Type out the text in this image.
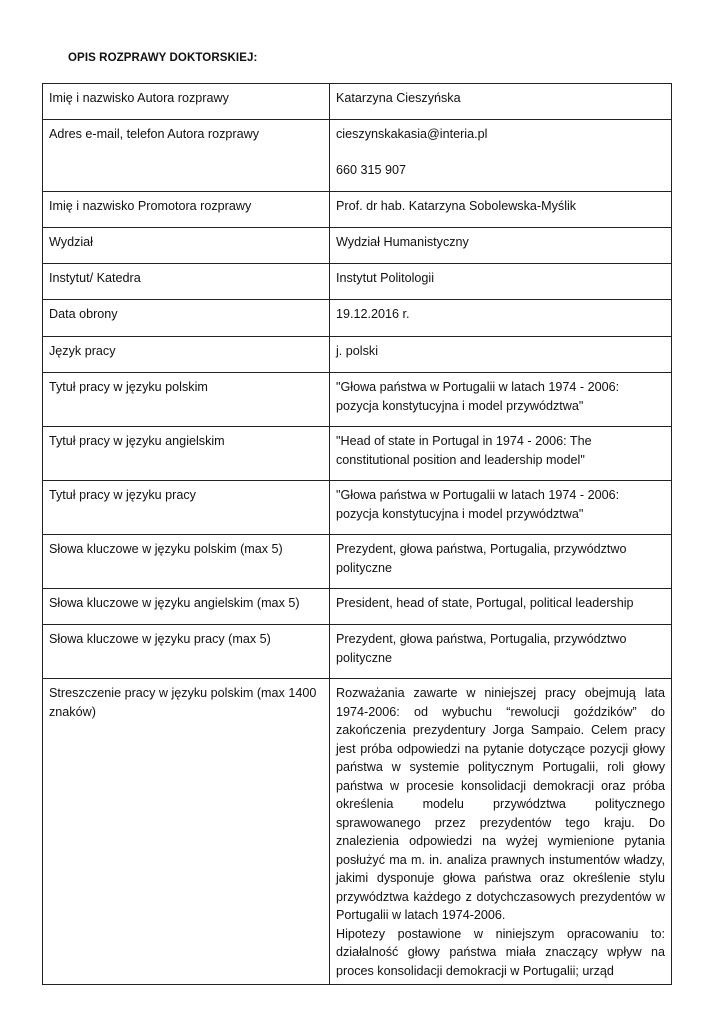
OPIS ROZPRAWY DOKTORSKIEJ:
Imię i nazwisko Autora rozprawy	Katarzyna Cieszyńska
Adres e-mail, telefon Autora rozprawy	cieszynskakasia@interia.pl
660 315 907

Imię i nazwisko Promotora rozprawy	Prof. dr hab. Katarzyna Sobolewska-Myślik
Wydział	Wydział Humanistyczny
Instytut/ Katedra	Instytut Politologii
Data obrony	19.12.2016 r.
Język pracy	j. polski
Tytuł pracy w języku polskim	"Głowa państwa w Portugalii w latach 1974 - 2006: pozycja konstytucyjna i model przywództwa"
Tytuł pracy w języku angielskim	"Head of state in Portugal in 1974 - 2006: The constitutional position and leadership model"
Tytuł pracy w języku pracy	"Głowa państwa w Portugalii w latach 1974 - 2006: pozycja konstytucyjna i model przywództwa"
Słowa kluczowe w języku polskim (max 5)	Prezydent, głowa państwa, Portugalia, przywództwo polityczne
Słowa kluczowe w języku angielskim (max 5)	President, head of state, Portugal, political leadership
Słowa kluczowe w języku pracy (max 5)	Prezydent, głowa państwa, Portugalia, przywództwo polityczne
Streszczenie pracy w języku polskim (max 1400 znaków)	Rozważania zawarte w niniejszej pracy obejmują lata 1974-2006: od wybuchu “rewolucji goździków” do zakończenia prezydentury Jorga Sampaio. Celem pracy jest próba odpowiedzi na pytanie dotyczące pozycji głowy państwa w systemie politycznym Portugalii, roli głowy państwa w procesie konsolidacji demokracji oraz próba określenia modelu przywództwa politycznego sprawowanego przez prezydentów tego kraju. Do znalezienia odpowiedzi na wyżej wymienione pytania posłużyć ma m. in. analiza prawnych instumentów władzy, jakimi dysponuje głowa państwa oraz określenie stylu przywództwa każdego z dotychczasowych prezydentów w Portugalii w latach 1974-2006.
Hipotezy postawione w niniejszym opracowaniu to: działalność głowy państwa miała znaczący wpływ na proces konsolidacji demokracji w Portugalii; urząd
